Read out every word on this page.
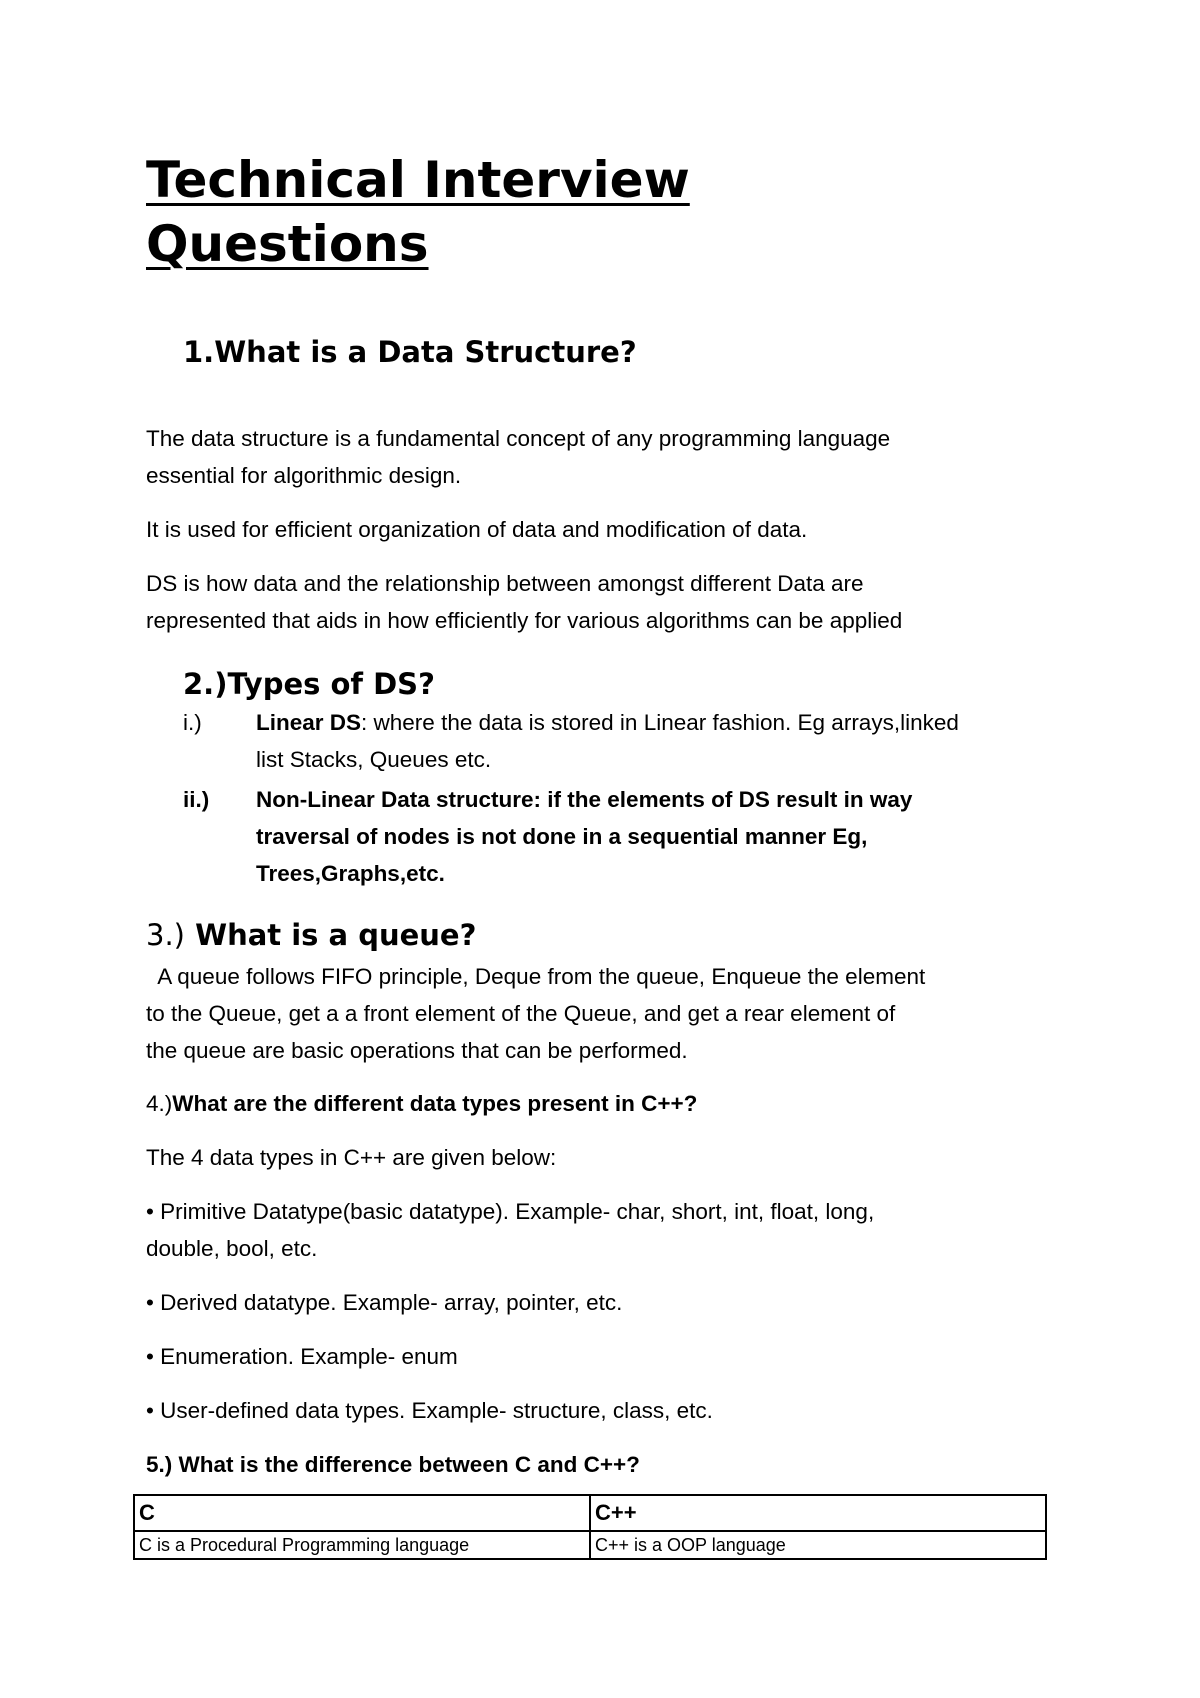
Technical Interview
Questions
1.What is a Data Structure?
The data structure is a fundamental concept of any programming language
essential for algorithmic design.
It is used for efficient organization of data and modification of data.
DS is how data and the relationship between amongst different Data are
represented that aids in how efficiently for various algorithms can be applied
2.)Types of DS?
i.) Linear DS: where the data is stored in Linear fashion. Eg arrays,linked
list Stacks, Queues etc.
ii.) Non-Linear Data structure: if the elements of DS result in way
traversal of nodes is not done in a sequential manner Eg,
Trees,Graphs,etc.
3.) What is a queue?
A queue follows FIFO principle, Deque from the queue, Enqueue the element
to the Queue, get a a front element of the Queue, and get a rear element of
the queue are basic operations that can be performed.
4.)What are the different data types present in C++?
The 4 data types in C++ are given below:
• Primitive Datatype(basic datatype). Example- char, short, int, float, long,
double, bool, etc.
• Derived datatype. Example- array, pointer, etc.
• Enumeration. Example- enum
• User-defined data types. Example- structure, class, etc.
5.) What is the difference between C and C++?
C	C++
C is a Procedural Programming language	C++ is a OOP language
